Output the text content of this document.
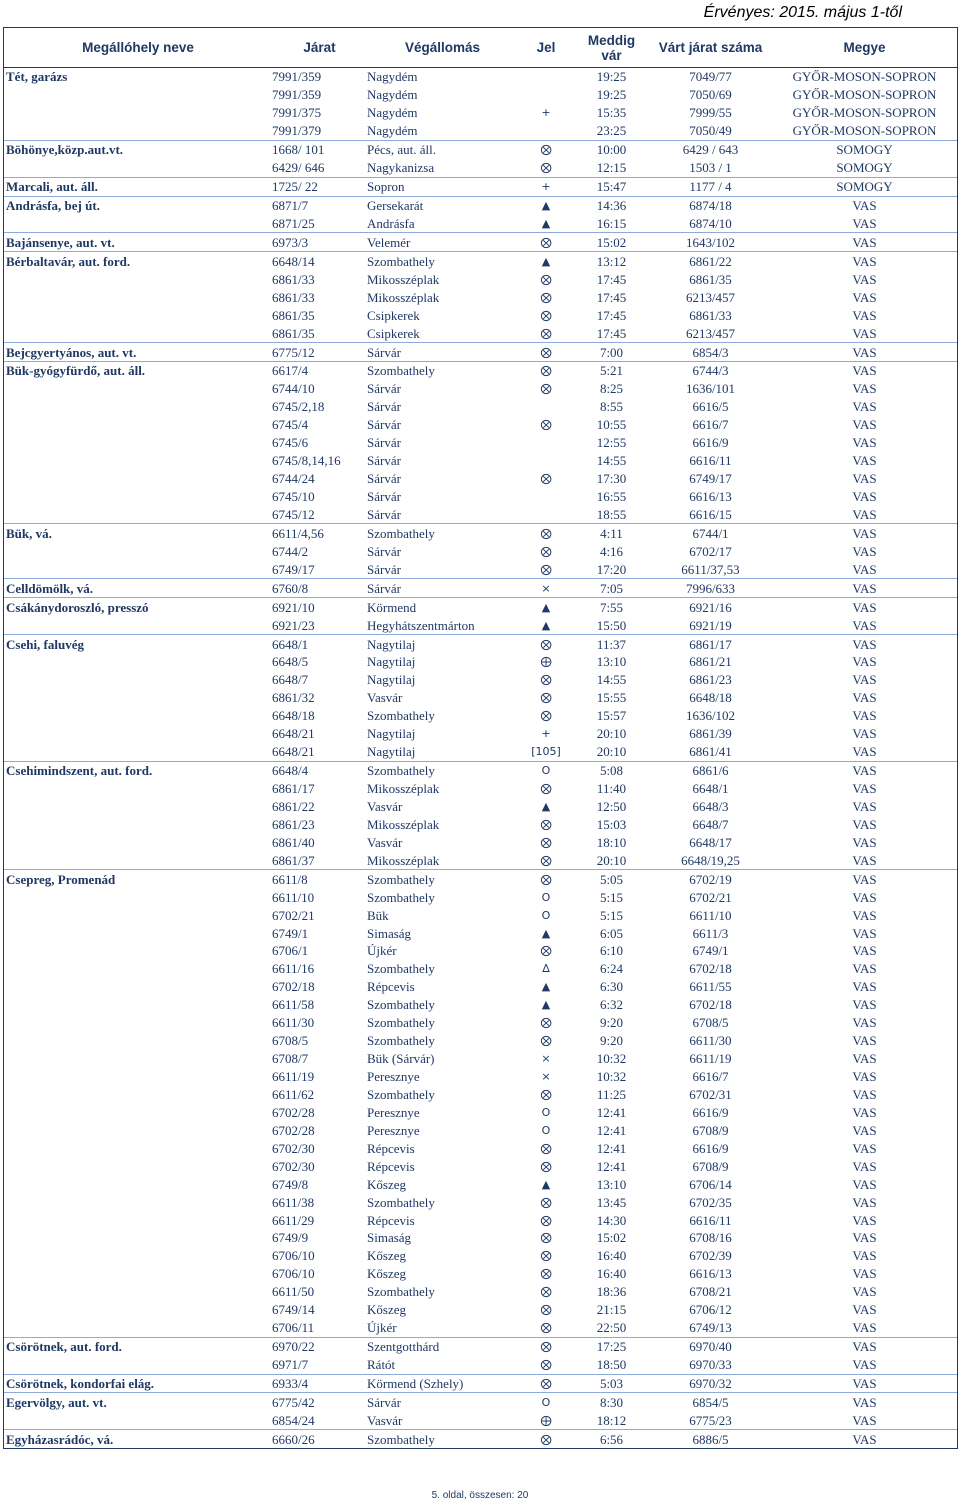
Érvényes: 2015. május 1-től
Megállóhely neve	Járat	Végállomás	Jel	Meddig vár	Várt járat száma	Megye
Tét, garázs	7991/359	Nagydém		19:25	7049/77	GYŐR-MOSON-SOPRON
	7991/359	Nagydém		19:25	7050/69	GYŐR-MOSON-SOPRON
	7991/375	Nagydém	+	15:35	7999/55	GYŐR-MOSON-SOPRON
	7991/379	Nagydém		23:25	7050/49	GYŐR-MOSON-SOPRON
Böhönye,közp.aut.vt.	1668/ 101	Pécs, aut. áll.	⨂	10:00	6429 / 643	SOMOGY
	6429/ 646	Nagykanizsa	⨂	12:15	1503 / 1	SOMOGY
Marcali, aut. áll.	1725/ 22	Sopron	+	15:47	1177 / 4	SOMOGY
Andrásfa, bej út.	6871/7	Gersekarát	▲	14:36	6874/18	VAS
	6871/25	Andrásfa	▲	16:15	6874/10	VAS
Bajánsenye, aut. vt.	6973/3	Velemér	⨂	15:02	1643/102	VAS
Bérbaltavár, aut. ford.	6648/14	Szombathely	▲	13:12	6861/22	VAS
	6861/33	Mikosszéplak	⨂	17:45	6861/35	VAS
	6861/33	Mikosszéplak	⨂	17:45	6213/457	VAS
	6861/35	Csipkerek	⨂	17:45	6861/33	VAS
	6861/35	Csipkerek	⨂	17:45	6213/457	VAS
Bejcgyertyános, aut. vt.	6775/12	Sárvár	⨂	7:00	6854/3	VAS
Bük-gyógyfürdő, aut. áll.	6617/4	Szombathely	⨂	5:21	6744/3	VAS
	6744/10	Sárvár	⨂	8:25	1636/101	VAS
	6745/2,18	Sárvár		8:55	6616/5	VAS
	6745/4	Sárvár	⨂	10:55	6616/7	VAS
	6745/6	Sárvár		12:55	6616/9	VAS
	6745/8,14,16	Sárvár		14:55	6616/11	VAS
	6744/24	Sárvár	⨂	17:30	6749/17	VAS
	6745/10	Sárvár		16:55	6616/13	VAS
	6745/12	Sárvár		18:55	6616/15	VAS
Bük, vá.	6611/4,56	Szombathely	⨂	4:11	6744/1	VAS
	6744/2	Sárvár	⨂	4:16	6702/17	VAS
	6749/17	Sárvár	⨂	17:20	6611/37,53	VAS
Celldömölk, vá.	6760/8	Sárvár	×	7:05	7996/633	VAS
Csákánydoroszló, presszó	6921/10	Körmend	▲	7:55	6921/16	VAS
	6921/23	Hegyhátszentmárton	▲	15:50	6921/19	VAS
Csehi, faluvég	6648/1	Nagytilaj	⨂	11:37	6861/17	VAS
	6648/5	Nagytilaj	⨁	13:10	6861/21	VAS
	6648/7	Nagytilaj	⨂	14:55	6861/23	VAS
	6861/32	Vasvár	⨂	15:55	6648/18	VAS
	6648/18	Szombathely	⨂	15:57	1636/102	VAS
	6648/21	Nagytilaj	+	20:10	6861/39	VAS
	6648/21	Nagytilaj	[105]	20:10	6861/41	VAS
Csehimindszent, aut. ford.	6648/4	Szombathely	O	5:08	6861/6	VAS
	6861/17	Mikosszéplak	⨂	11:40	6648/1	VAS
	6861/22	Vasvár	▲	12:50	6648/3	VAS
	6861/23	Mikosszéplak	⨂	15:03	6648/7	VAS
	6861/40	Vasvár	⨂	18:10	6648/17	VAS
	6861/37	Mikosszéplak	⨂	20:10	6648/19,25	VAS
Csepreg, Promenád	6611/8	Szombathely	⨂	5:05	6702/19	VAS
	6611/10	Szombathely	O	5:15	6702/21	VAS
	6702/21	Bük	O	5:15	6611/10	VAS
	6749/1	Simaság	▲	6:05	6611/3	VAS
	6706/1	Újkér	⨂	6:10	6749/1	VAS
	6611/16	Szombathely	∆	6:24	6702/18	VAS
	6702/18	Répcevis	▲	6:30	6611/55	VAS
	6611/58	Szombathely	▲	6:32	6702/18	VAS
	6611/30	Szombathely	⨂	9:20	6708/5	VAS
	6708/5	Szombathely	⨂	9:20	6611/30	VAS
	6708/7	Bük (Sárvár)	×	10:32	6611/19	VAS
	6611/19	Peresznye	×	10:32	6616/7	VAS
	6611/62	Szombathely	⨂	11:25	6702/31	VAS
	6702/28	Peresznye	O	12:41	6616/9	VAS
	6702/28	Peresznye	O	12:41	6708/9	VAS
	6702/30	Répcevis	⨂	12:41	6616/9	VAS
	6702/30	Répcevis	⨂	12:41	6708/9	VAS
	6749/8	Kőszeg	▲	13:10	6706/14	VAS
	6611/38	Szombathely	⨂	13:45	6702/35	VAS
	6611/29	Répcevis	⨂	14:30	6616/11	VAS
	6749/9	Simaság	⨂	15:02	6708/16	VAS
	6706/10	Kőszeg	⨂	16:40	6702/39	VAS
	6706/10	Kőszeg	⨂	16:40	6616/13	VAS
	6611/50	Szombathely	⨂	18:36	6708/21	VAS
	6749/14	Kőszeg	⨂	21:15	6706/12	VAS
	6706/11	Újkér	⨂	22:50	6749/13	VAS
Csörötnek, aut. ford.	6970/22	Szentgotthárd	⨂	17:25	6970/40	VAS
	6971/7	Rátót	⨂	18:50	6970/33	VAS
Csörötnek, kondorfai elág.	6933/4	Körmend (Szhely)	⨂	5:03	6970/32	VAS
Egervölgy, aut. vt.	6775/42	Sárvár	O	8:30	6854/5	VAS
	6854/24	Vasvár	⨁	18:12	6775/23	VAS
Egyházasrádóc, vá.	6660/26	Szombathely	⨂	6:56	6886/5	VAS
5. oldal, összesen: 20
